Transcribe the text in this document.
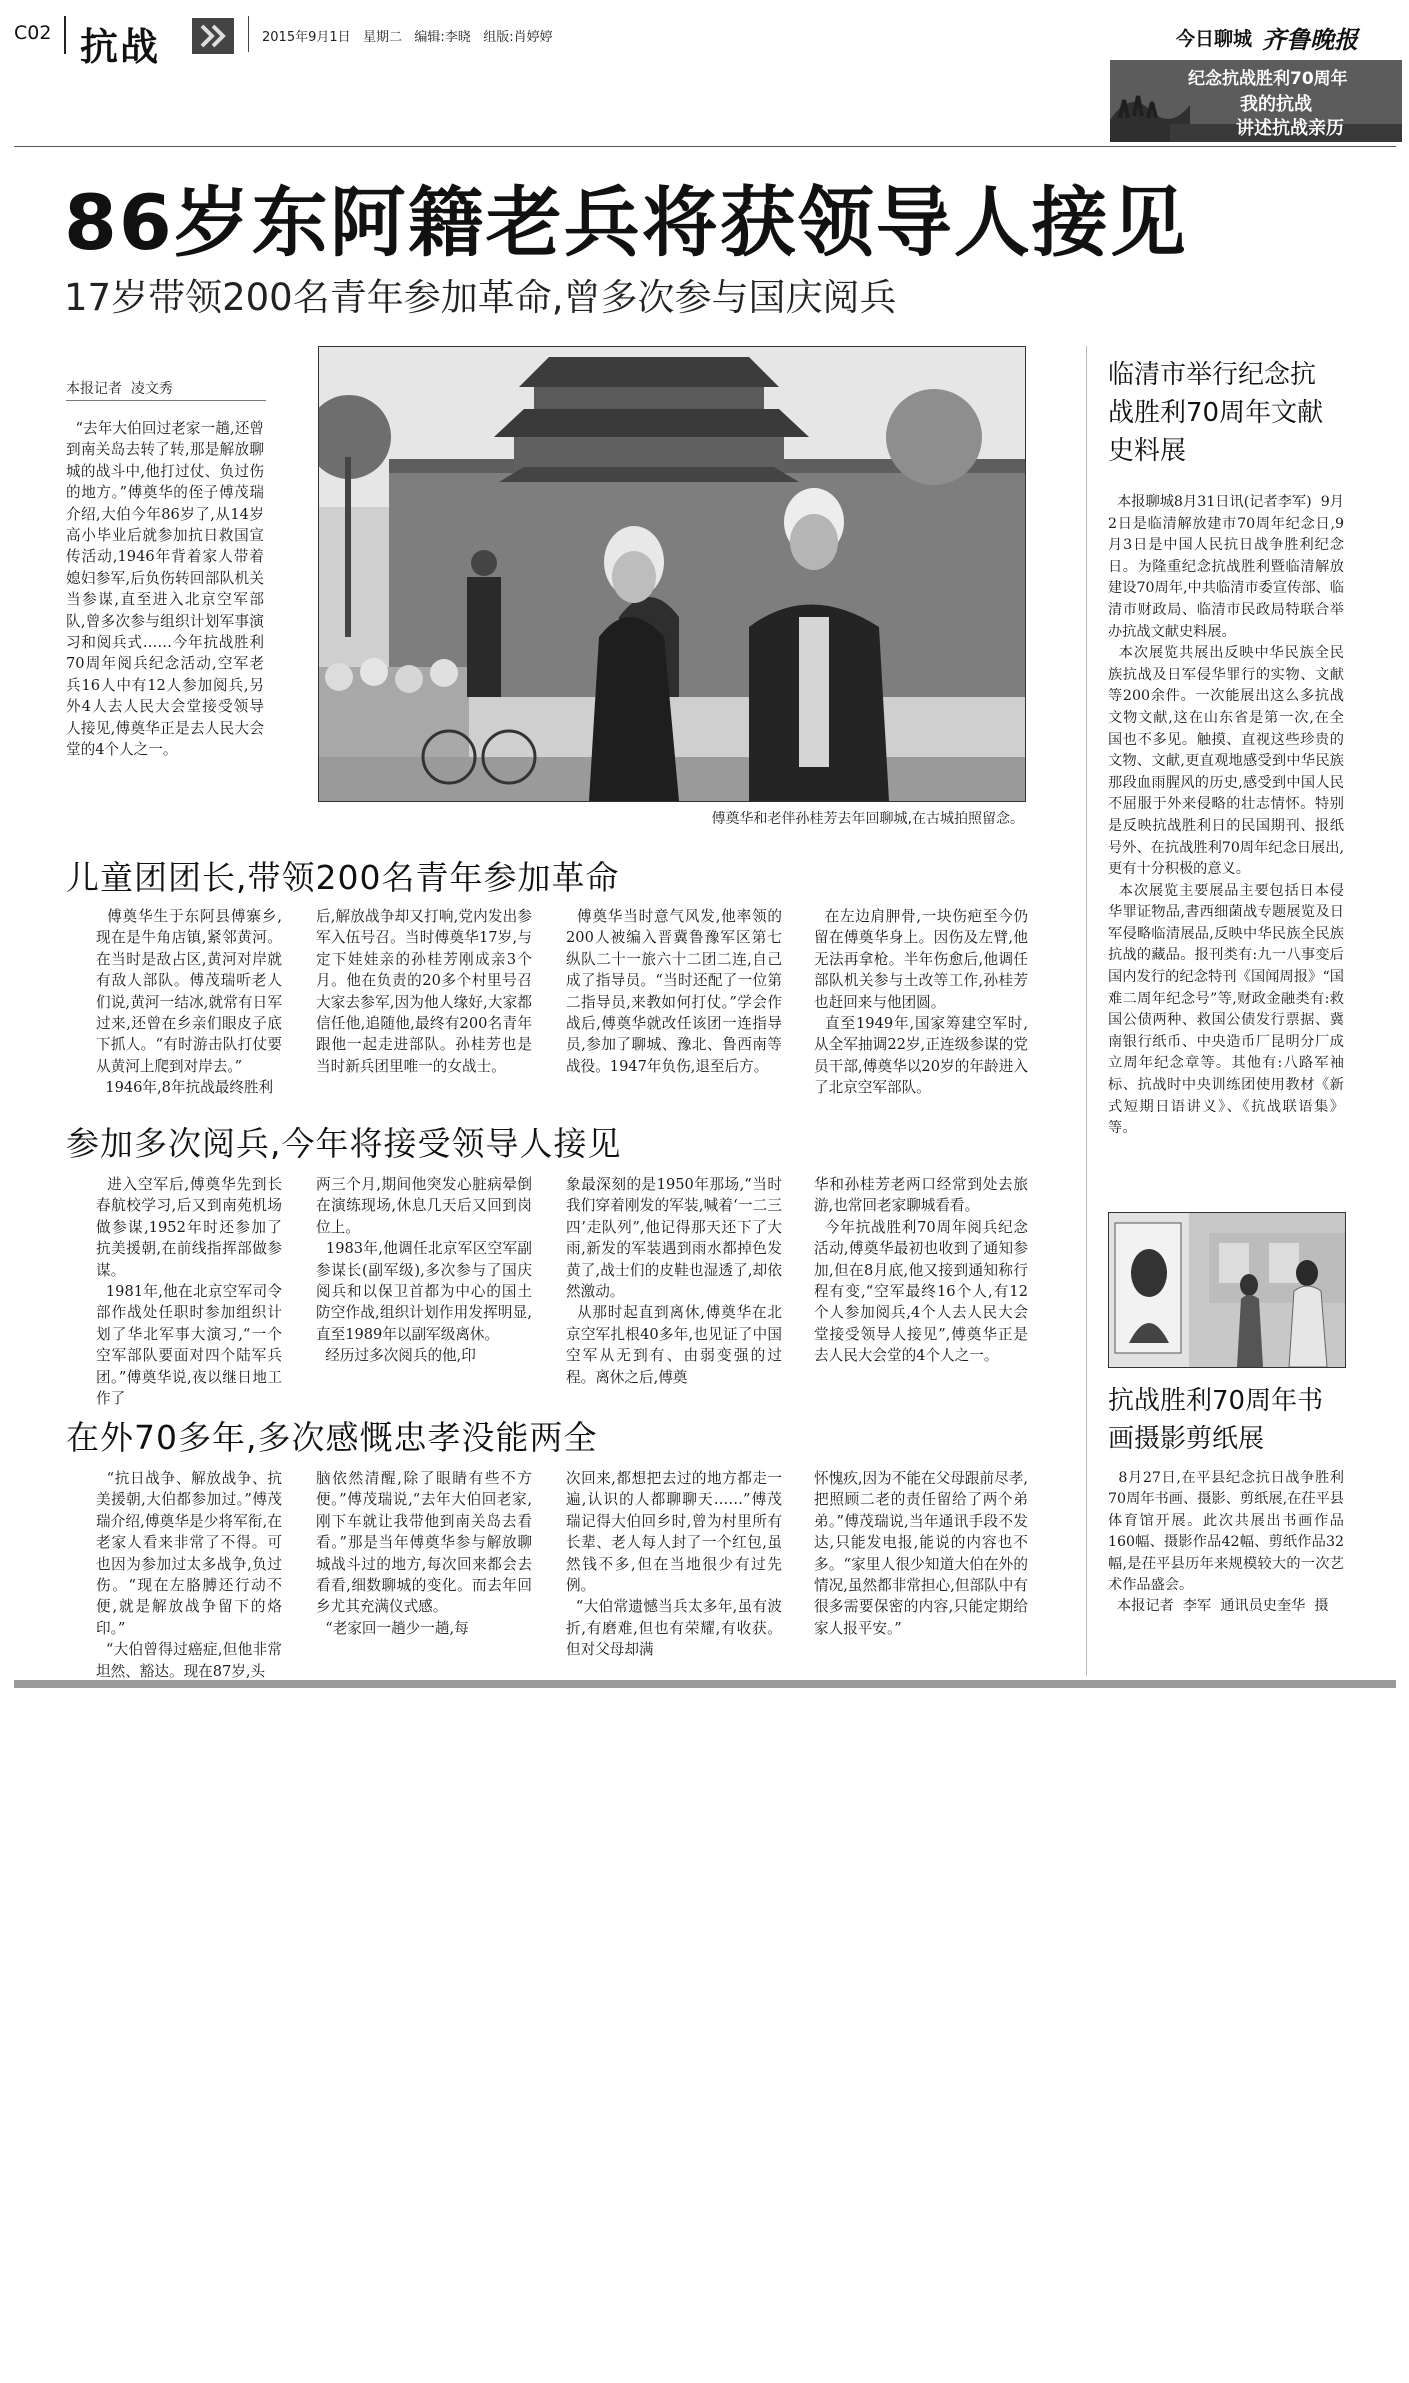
C02 抗战	2015年9月1日   星期二   编辑:李晓   组版:肖婷婷	今日聊城 齐鲁晚报
纪念抗战胜利70周年
我的抗战
讲述抗战亲历
86岁东阿籍老兵将获领导人接见
17岁带领200名青年参加革命,曾多次参与国庆阅兵
本报记者  凌文秀
“去年大伯回过老家一趟,还曾到南关岛去转了转,那是解放聊城的战斗中,他打过仗、负过伤的地方。”傅奠华的侄子傅茂瑞介绍,大伯今年86岁了,从14岁高小毕业后就参加抗日救国宣传活动,1946年背着家人带着媳妇参军,后负伤转回部队机关当参谋,直至进入北京空军部队,曾多次参与组织计划军事演习和阅兵式……今年抗战胜利70周年阅兵纪念活动,空军老兵16人中有12人参加阅兵,另外4人去人民大会堂接受领导人接见,傅奠华正是去人民大会堂的4个人之一。
傅奠华和老伴孙桂芳去年回聊城,在古城拍照留念。
儿童团团长,带领200名青年参加革命
傅奠华生于东阿县傅寨乡,现在是牛角店镇,紧邻黄河。在当时是敌占区,黄河对岸就有敌人部队。傅茂瑞听老人们说,黄河一结冰,就常有日军过来,还曾在乡亲们眼皮子底下抓人。“有时游击队打仗要从黄河上爬到对岸去。”
1946年,8年抗战最终胜利
后,解放战争却又打响,党内发出参军入伍号召。当时傅奠华17岁,与定下娃娃亲的孙桂芳刚成亲3个月。他在负责的20多个村里号召大家去参军,因为他人缘好,大家都信任他,追随他,最终有200名青年跟他一起走进部队。孙桂芳也是当时新兵团里唯一的女战士。
傅奠华当时意气风发,他率领的200人被编入晋冀鲁豫军区第七纵队二十一旅六十二团二连,自己成了指导员。“当时还配了一位第二指导员,来教如何打仗。”学会作战后,傅奠华就改任该团一连指导员,参加了聊城、豫北、鲁西南等战役。1947年负伤,退至后方。
在左边肩胛骨,一块伤疤至今仍留在傅奠华身上。因伤及左臂,他无法再拿枪。半年伤愈后,他调任部队机关参与土改等工作,孙桂芳也赶回来与他团圆。
直至1949年,国家筹建空军时,从全军抽调22岁,正连级参谋的党员干部,傅奠华以20岁的年龄进入了北京空军部队。
参加多次阅兵,今年将接受领导人接见
进入空军后,傅奠华先到长春航校学习,后又到南苑机场做参谋,1952年时还参加了抗美援朝,在前线指挥部做参谋。
1981年,他在北京空军司令部作战处任职时参加组织计划了华北军事大演习,“一个空军部队要面对四个陆军兵团。”傅奠华说,夜以继日地工作了
两三个月,期间他突发心脏病晕倒在演练现场,休息几天后又回到岗位上。
1983年,他调任北京军区空军副参谋长(副军级),多次参与了国庆阅兵和以保卫首都为中心的国土防空作战,组织计划作用发挥明显,直至1989年以副军级离休。
经历过多次阅兵的他,印
象最深刻的是1950年那场,“当时我们穿着刚发的军装,喊着‘一二三四’走队列”,他记得那天还下了大雨,新发的军装遇到雨水都掉色发黄了,战士们的皮鞋也湿透了,却依然激动。
从那时起直到离休,傅奠华在北京空军扎根40多年,也见证了中国空军从无到有、由弱变强的过程。离休之后,傅奠
华和孙桂芳老两口经常到处去旅游,也常回老家聊城看看。
今年抗战胜利70周年阅兵纪念活动,傅奠华最初也收到了通知参加,但在8月底,他又接到通知称行程有变,“空军最终16个人,有12个人参加阅兵,4个人去人民大会堂接受领导人接见”,傅奠华正是去人民大会堂的4个人之一。
在外70多年,多次感慨忠孝没能两全
“抗日战争、解放战争、抗美援朝,大伯都参加过。”傅茂瑞介绍,傅奠华是少将军衔,在老家人看来非常了不得。可也因为参加过太多战争,负过伤。“现在左胳膊还行动不便,就是解放战争留下的烙印。”
“大伯曾得过癌症,但他非常坦然、豁达。现在87岁,头
脑依然清醒,除了眼睛有些不方便。”傅茂瑞说,“去年大伯回老家,刚下车就让我带他到南关岛去看看。”那是当年傅奠华参与解放聊城战斗过的地方,每次回来都会去看看,细数聊城的变化。而去年回乡尤其充满仪式感。
“老家回一趟少一趟,每
次回来,都想把去过的地方都走一遍,认识的人都聊聊天……”傅茂瑞记得大伯回乡时,曾为村里所有长辈、老人每人封了一个红包,虽然钱不多,但在当地很少有过先例。
“大伯常遗憾当兵太多年,虽有波折,有磨难,但也有荣耀,有收获。但对父母却满
怀愧疚,因为不能在父母跟前尽孝,把照顾二老的责任留给了两个弟弟。”傅茂瑞说,当年通讯手段不发达,只能发电报,能说的内容也不多。“家里人很少知道大伯在外的情况,虽然都非常担心,但部队中有很多需要保密的内容,只能定期给家人报平安。”
临清市举行纪念抗战胜利70周年文献史料展
本报聊城8月31日讯(记者李军)  9月2日是临清解放建市70周年纪念日,9月3日是中国人民抗日战争胜利纪念日。为隆重纪念抗战胜利暨临清解放建设70周年,中共临清市委宣传部、临清市财政局、临清市民政局特联合举办抗战文献史料展。
本次展览共展出反映中华民族全民族抗战及日军侵华罪行的实物、文献等200余件。一次能展出这么多抗战文物文献,这在山东省是第一次,在全国也不多见。触摸、直视这些珍贵的文物、文献,更直观地感受到中华民族那段血雨腥风的历史,感受到中国人民不屈服于外来侵略的壮志情怀。特别是反映抗战胜利日的民国期刊、报纸号外、在抗战胜利70周年纪念日展出,更有十分积极的意义。
本次展览主要展品主要包括日本侵华罪证物品,書西细菌战专题展览及日军侵略临清展品,反映中华民族全民族抗战的藏品。报刊类有:九一八事变后国内发行的纪念特刊《国闻周报》“国难二周年纪念号”等,财政金融类有:救国公债两种、救国公债发行票据、冀南银行纸币、中央造币厂昆明分厂成立周年纪念章等。其他有:八路军袖标、抗战时中央训练团使用教材《新式短期日语讲义》、《抗战联语集》等。
抗战胜利70周年书画摄影剪纸展
8月27日,在平县纪念抗日战争胜利70周年书画、摄影、剪纸展,在茌平县体育馆开展。此次共展出书画作品160幅、摄影作品42幅、剪纸作品32幅,是茌平县历年来规模较大的一次艺术作品盛会。
本报记者  李军  通讯员史奎华  摄
